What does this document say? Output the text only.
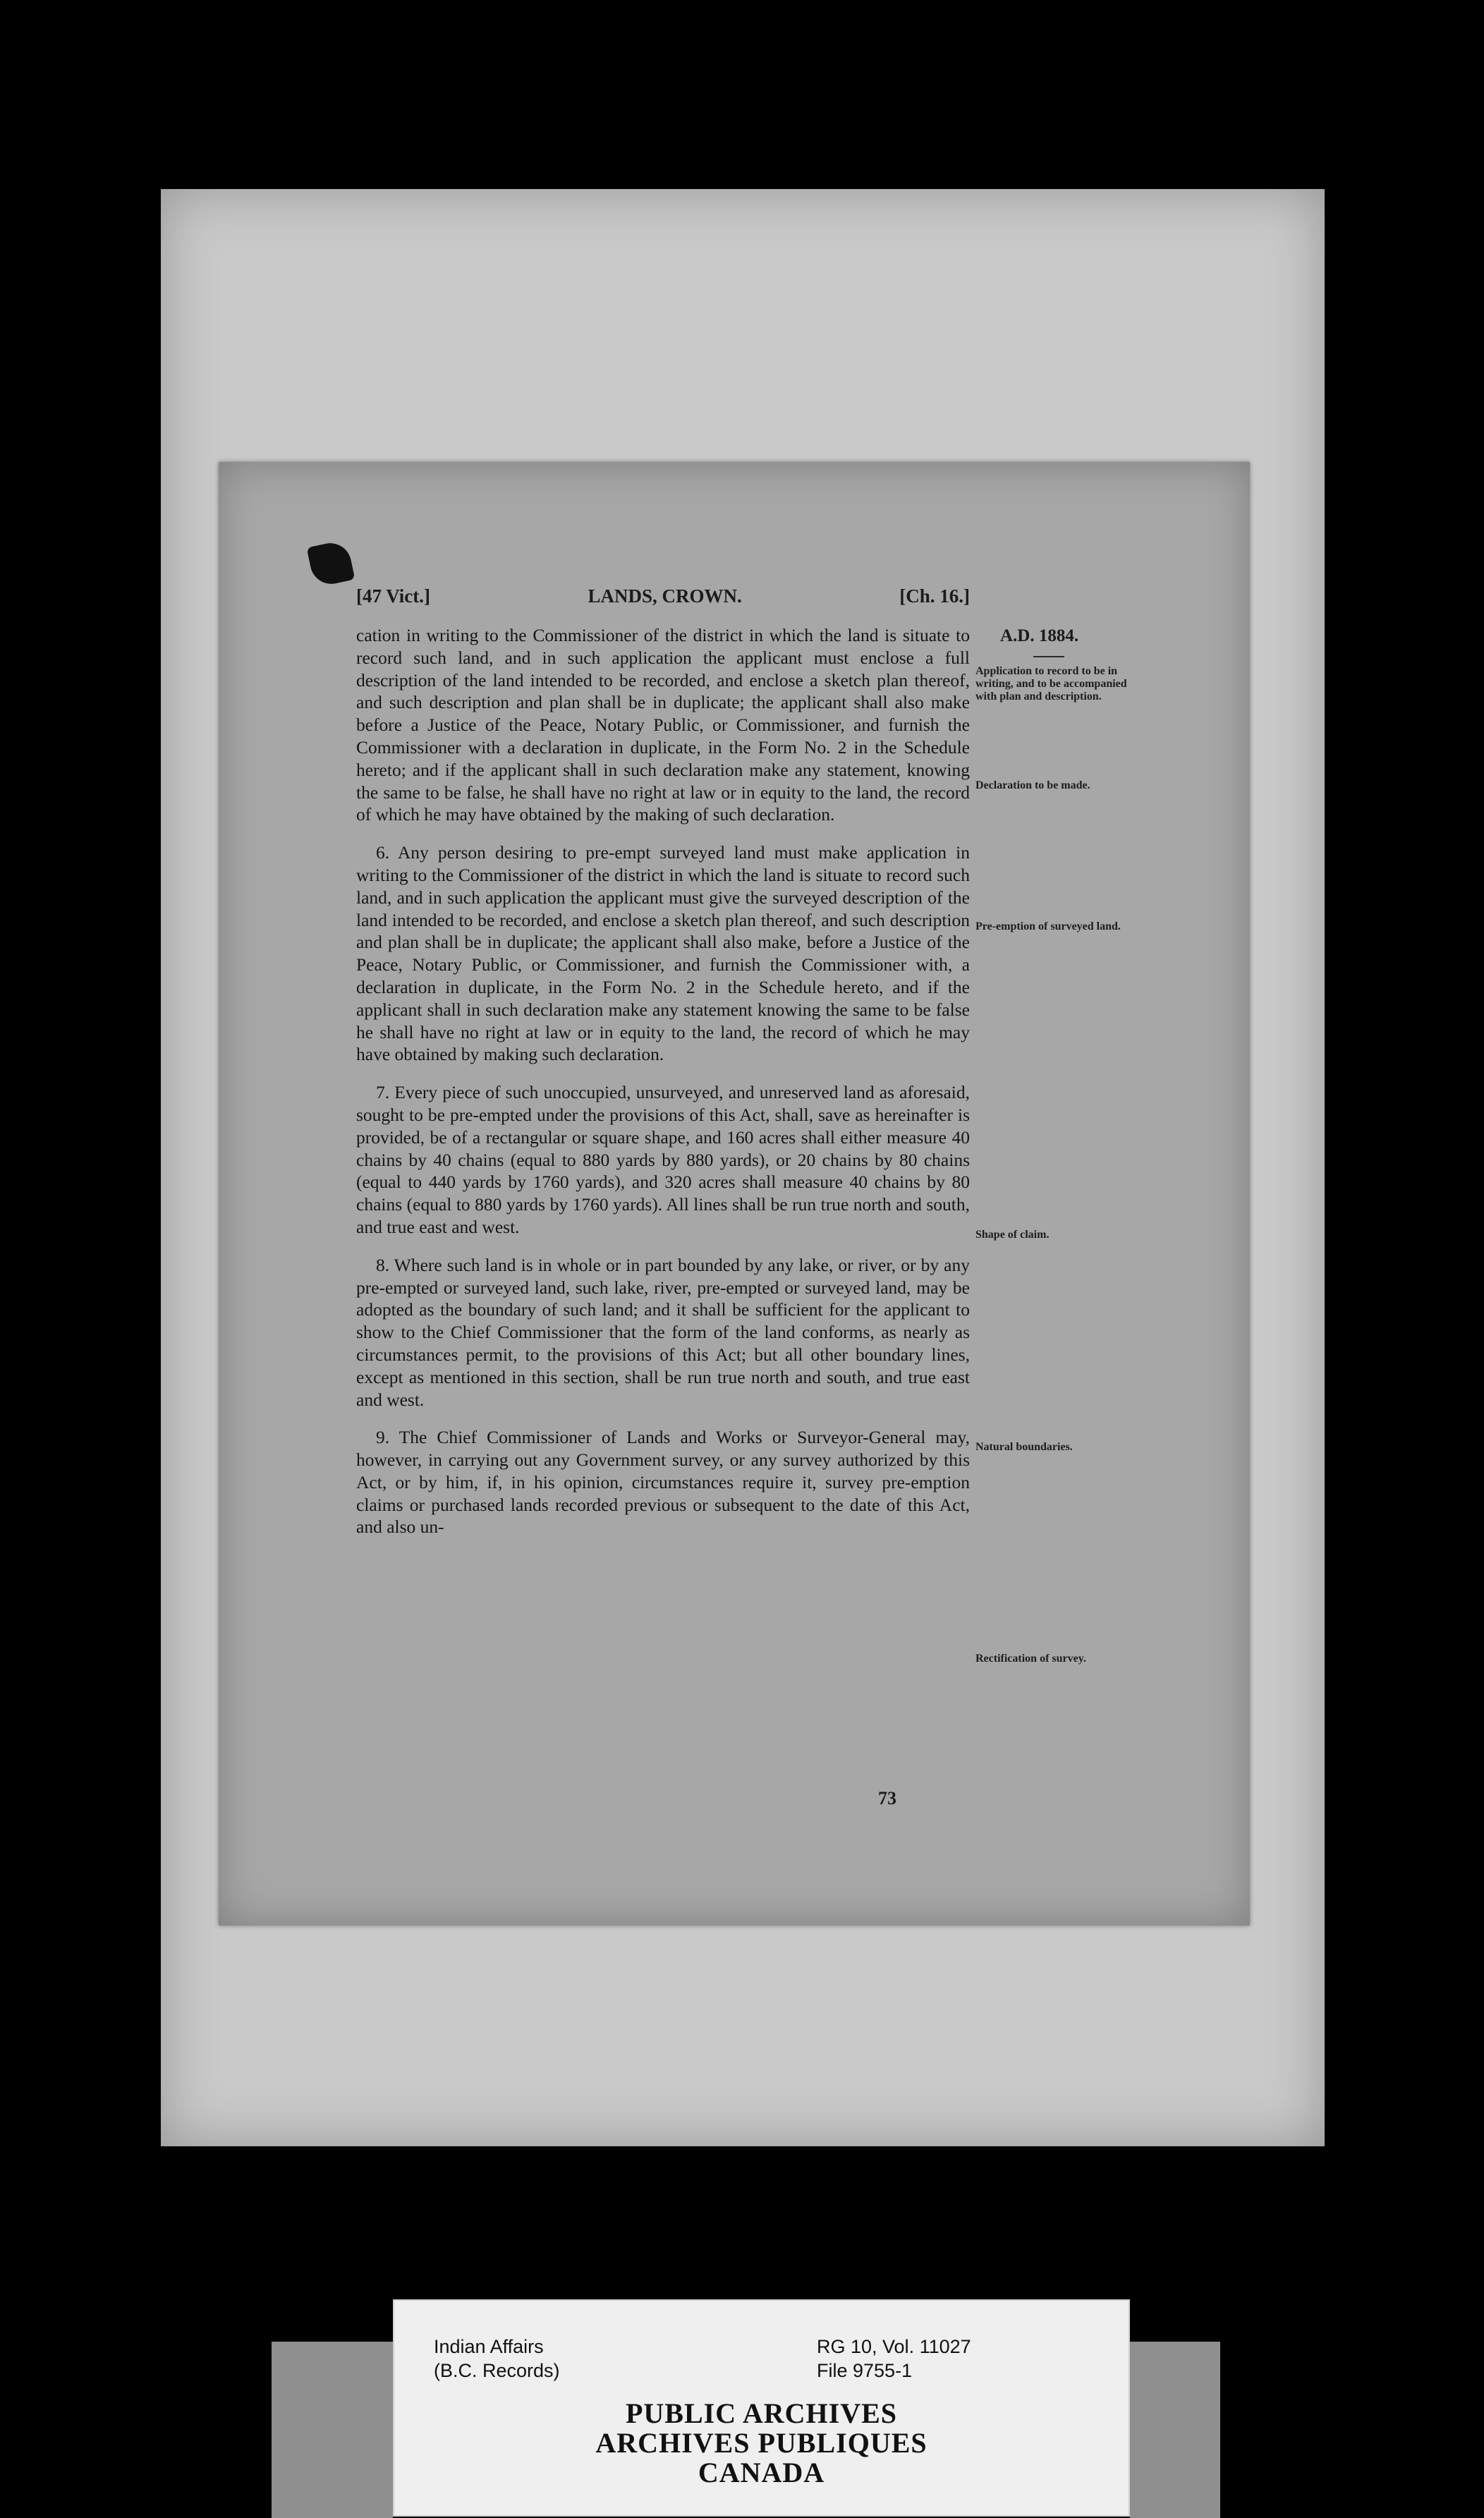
[47 Vict.]	LANDS, CROWN.	[Ch. 16.]

cation in writing to the Commissioner of the district in which the land is situate to record such land, and in such application the applicant must enclose a full description of the land intended to be recorded, and enclose a sketch plan thereof, and such description and plan shall be in duplicate; the applicant shall also make before a Justice of the Peace, Notary Public, or Commissioner, and furnish the Commissioner with a declaration in duplicate, in the Form No. 2 in the Schedule hereto; and if the applicant shall in such declaration make any statement, knowing the same to be false, he shall have no right at law or in equity to the land, the record of which he may have obtained by the making of such declaration.

6. Any person desiring to pre-empt surveyed land must make application in writing to the Commissioner of the district in which the land is situate to record such land, and in such application the applicant must give the surveyed description of the land intended to be recorded, and enclose a sketch plan thereof, and such description and plan shall be in duplicate; the applicant shall also make, before a Justice of the Peace, Notary Public, or Commissioner, and furnish the Commissioner with, a declaration in duplicate, in the Form No. 2 in the Schedule hereto, and if the applicant shall in such declaration make any statement knowing the same to be false he shall have no right at law or in equity to the land, the record of which he may have obtained by making such declaration.

7. Every piece of such unoccupied, unsurveyed, and unreserved land as aforesaid, sought to be pre-empted under the provisions of this Act, shall, save as hereinafter is provided, be of a rectangular or square shape, and 160 acres shall either measure 40 chains by 40 chains (equal to 880 yards by 880 yards), or 20 chains by 80 chains (equal to 440 yards by 1760 yards), and 320 acres shall measure 40 chains by 80 chains (equal to 880 yards by 1760 yards). All lines shall be run true north and south, and true east and west.

8. Where such land is in whole or in part bounded by any lake, or river, or by any pre-empted or surveyed land, such lake, river, pre-empted or surveyed land, may be adopted as the boundary of such land; and it shall be sufficient for the applicant to show to the Chief Commissioner that the form of the land conforms, as nearly as circumstances permit, to the provisions of this Act; but all other boundary lines, except as mentioned in this section, shall be run true north and south, and true east and west.

9. The Chief Commissioner of Lands and Works or Surveyor-General may, however, in carrying out any Government survey, or any survey authorized by this Act, or by him, if, in his opinion, circumstances require it, survey pre-emption claims or purchased lands recorded previous or subsequent to the date of this Act, and also un-

73
A.D. 1884.
Application to record to be in writing, and to be accompanied with plan and description.
Declaration to be made.
Pre-emption of surveyed land.
Shape of claim.
Natural boundaries.
Rectification of survey.
Indian Affairs
(B.C. Records)
RG 10, Vol. 11027
File 9755-1
PUBLIC ARCHIVES
ARCHIVES PUBLIQUES
CANADA
